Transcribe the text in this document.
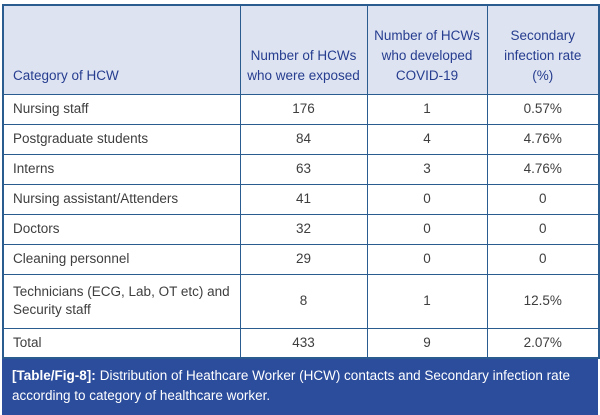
Category of HCW	Number of HCWs who were exposed	Number of HCWs who developed COVID-19	Secondary infection rate (%)
Nursing staff	176	1	0.57%
Postgraduate students	84	4	4.76%
Interns	63	3	4.76%
Nursing assistant/Attenders	41	0	0
Doctors	32	0	0
Cleaning personnel	29	0	0
Technicians (ECG, Lab, OT etc) and Security staff	8	1	12.5%
Total	433	9	2.07%
[Table/Fig-8]: Distribution of Heathcare Worker (HCW) contacts and Secondary infection rate according to category of healthcare worker.
